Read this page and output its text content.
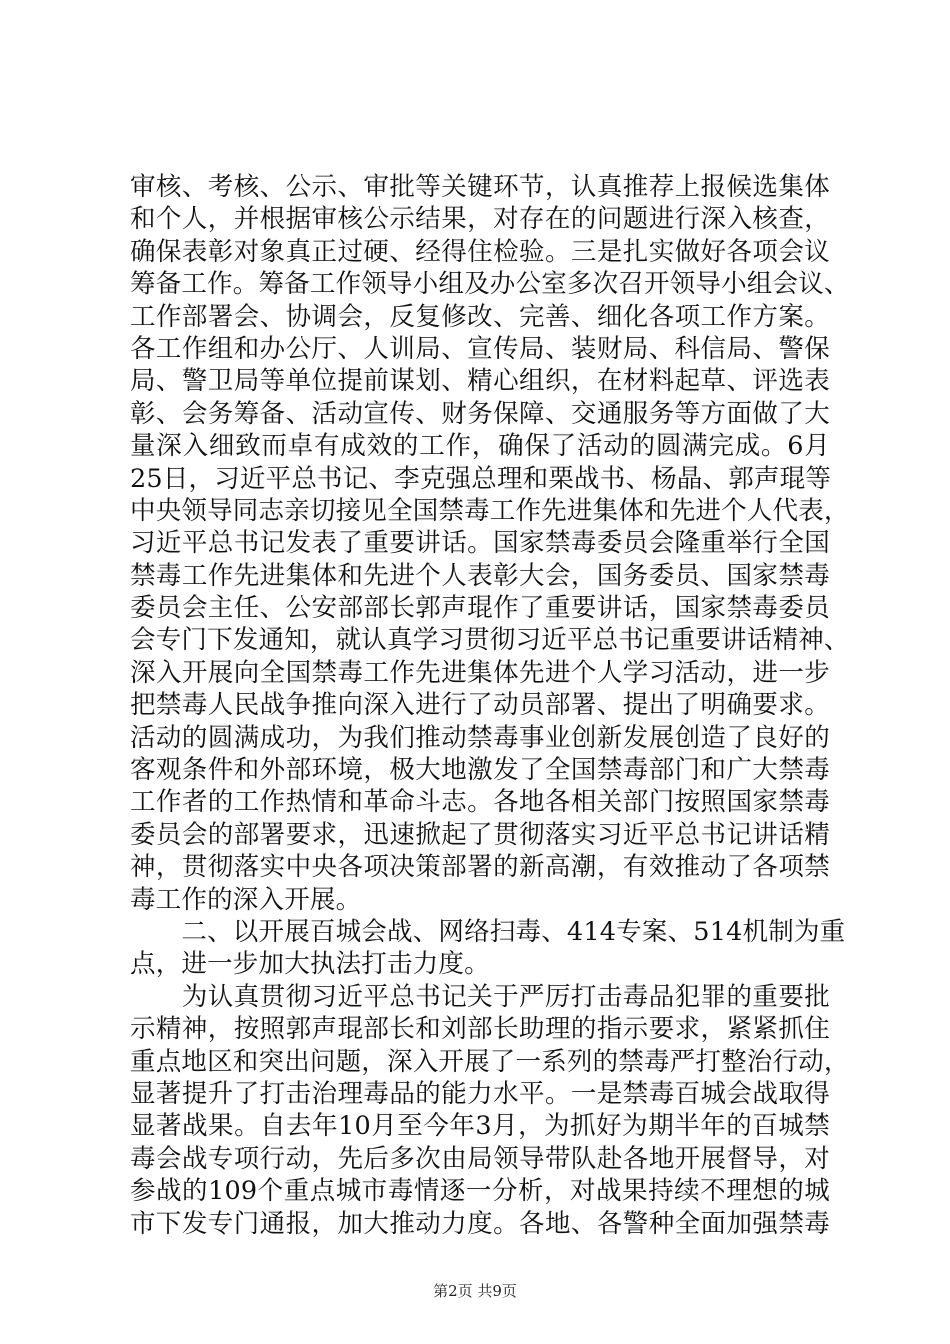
审核、考核、公示、审批等关键环节，认真推荐上报候选集体
和个人，并根据审核公示结果，对存在的问题进行深入核查，
确保表彰对象真正过硬、经得住检验。三是扎实做好各项会议
筹备工作。筹备工作领导小组及办公室多次召开领导小组会议、
工作部署会、协调会，反复修改、完善、细化各项工作方案。
各工作组和办公厅、人训局、宣传局、装财局、科信局、警保
局、警卫局等单位提前谋划、精心组织，在材料起草、评选表
彰、会务筹备、活动宣传、财务保障、交通服务等方面做了大
量深入细致而卓有成效的工作，确保了活动的圆满完成。6月
25日，习近平总书记、李克强总理和栗战书、杨晶、郭声琨等
中央领导同志亲切接见全国禁毒工作先进集体和先进个人代表，
习近平总书记发表了重要讲话。国家禁毒委员会隆重举行全国
禁毒工作先进集体和先进个人表彰大会，国务委员、国家禁毒
委员会主任、公安部部长郭声琨作了重要讲话，国家禁毒委员
会专门下发通知，就认真学习贯彻习近平总书记重要讲话精神、
深入开展向全国禁毒工作先进集体先进个人学习活动，进一步
把禁毒人民战争推向深入进行了动员部署、提出了明确要求。
活动的圆满成功，为我们推动禁毒事业创新发展创造了良好的
客观条件和外部环境，极大地激发了全国禁毒部门和广大禁毒
工作者的工作热情和革命斗志。各地各相关部门按照国家禁毒
委员会的部署要求，迅速掀起了贯彻落实习近平总书记讲话精
神，贯彻落实中央各项决策部署的新高潮，有效推动了各项禁
毒工作的深入开展。
　　二、以开展百城会战、网络扫毒、414专案、514机制为重
点，进一步加大执法打击力度。
　　为认真贯彻习近平总书记关于严厉打击毒品犯罪的重要批
示精神，按照郭声琨部长和刘部长助理的指示要求，紧紧抓住
重点地区和突出问题，深入开展了一系列的禁毒严打整治行动，
显著提升了打击治理毒品的能力水平。一是禁毒百城会战取得
显著战果。自去年10月至今年3月，为抓好为期半年的百城禁
毒会战专项行动，先后多次由局领导带队赴各地开展督导，对
参战的109个重点城市毒情逐一分析，对战果持续不理想的城
市下发专门通报，加大推动力度。各地、各警种全面加强禁毒
第2页 共9页
